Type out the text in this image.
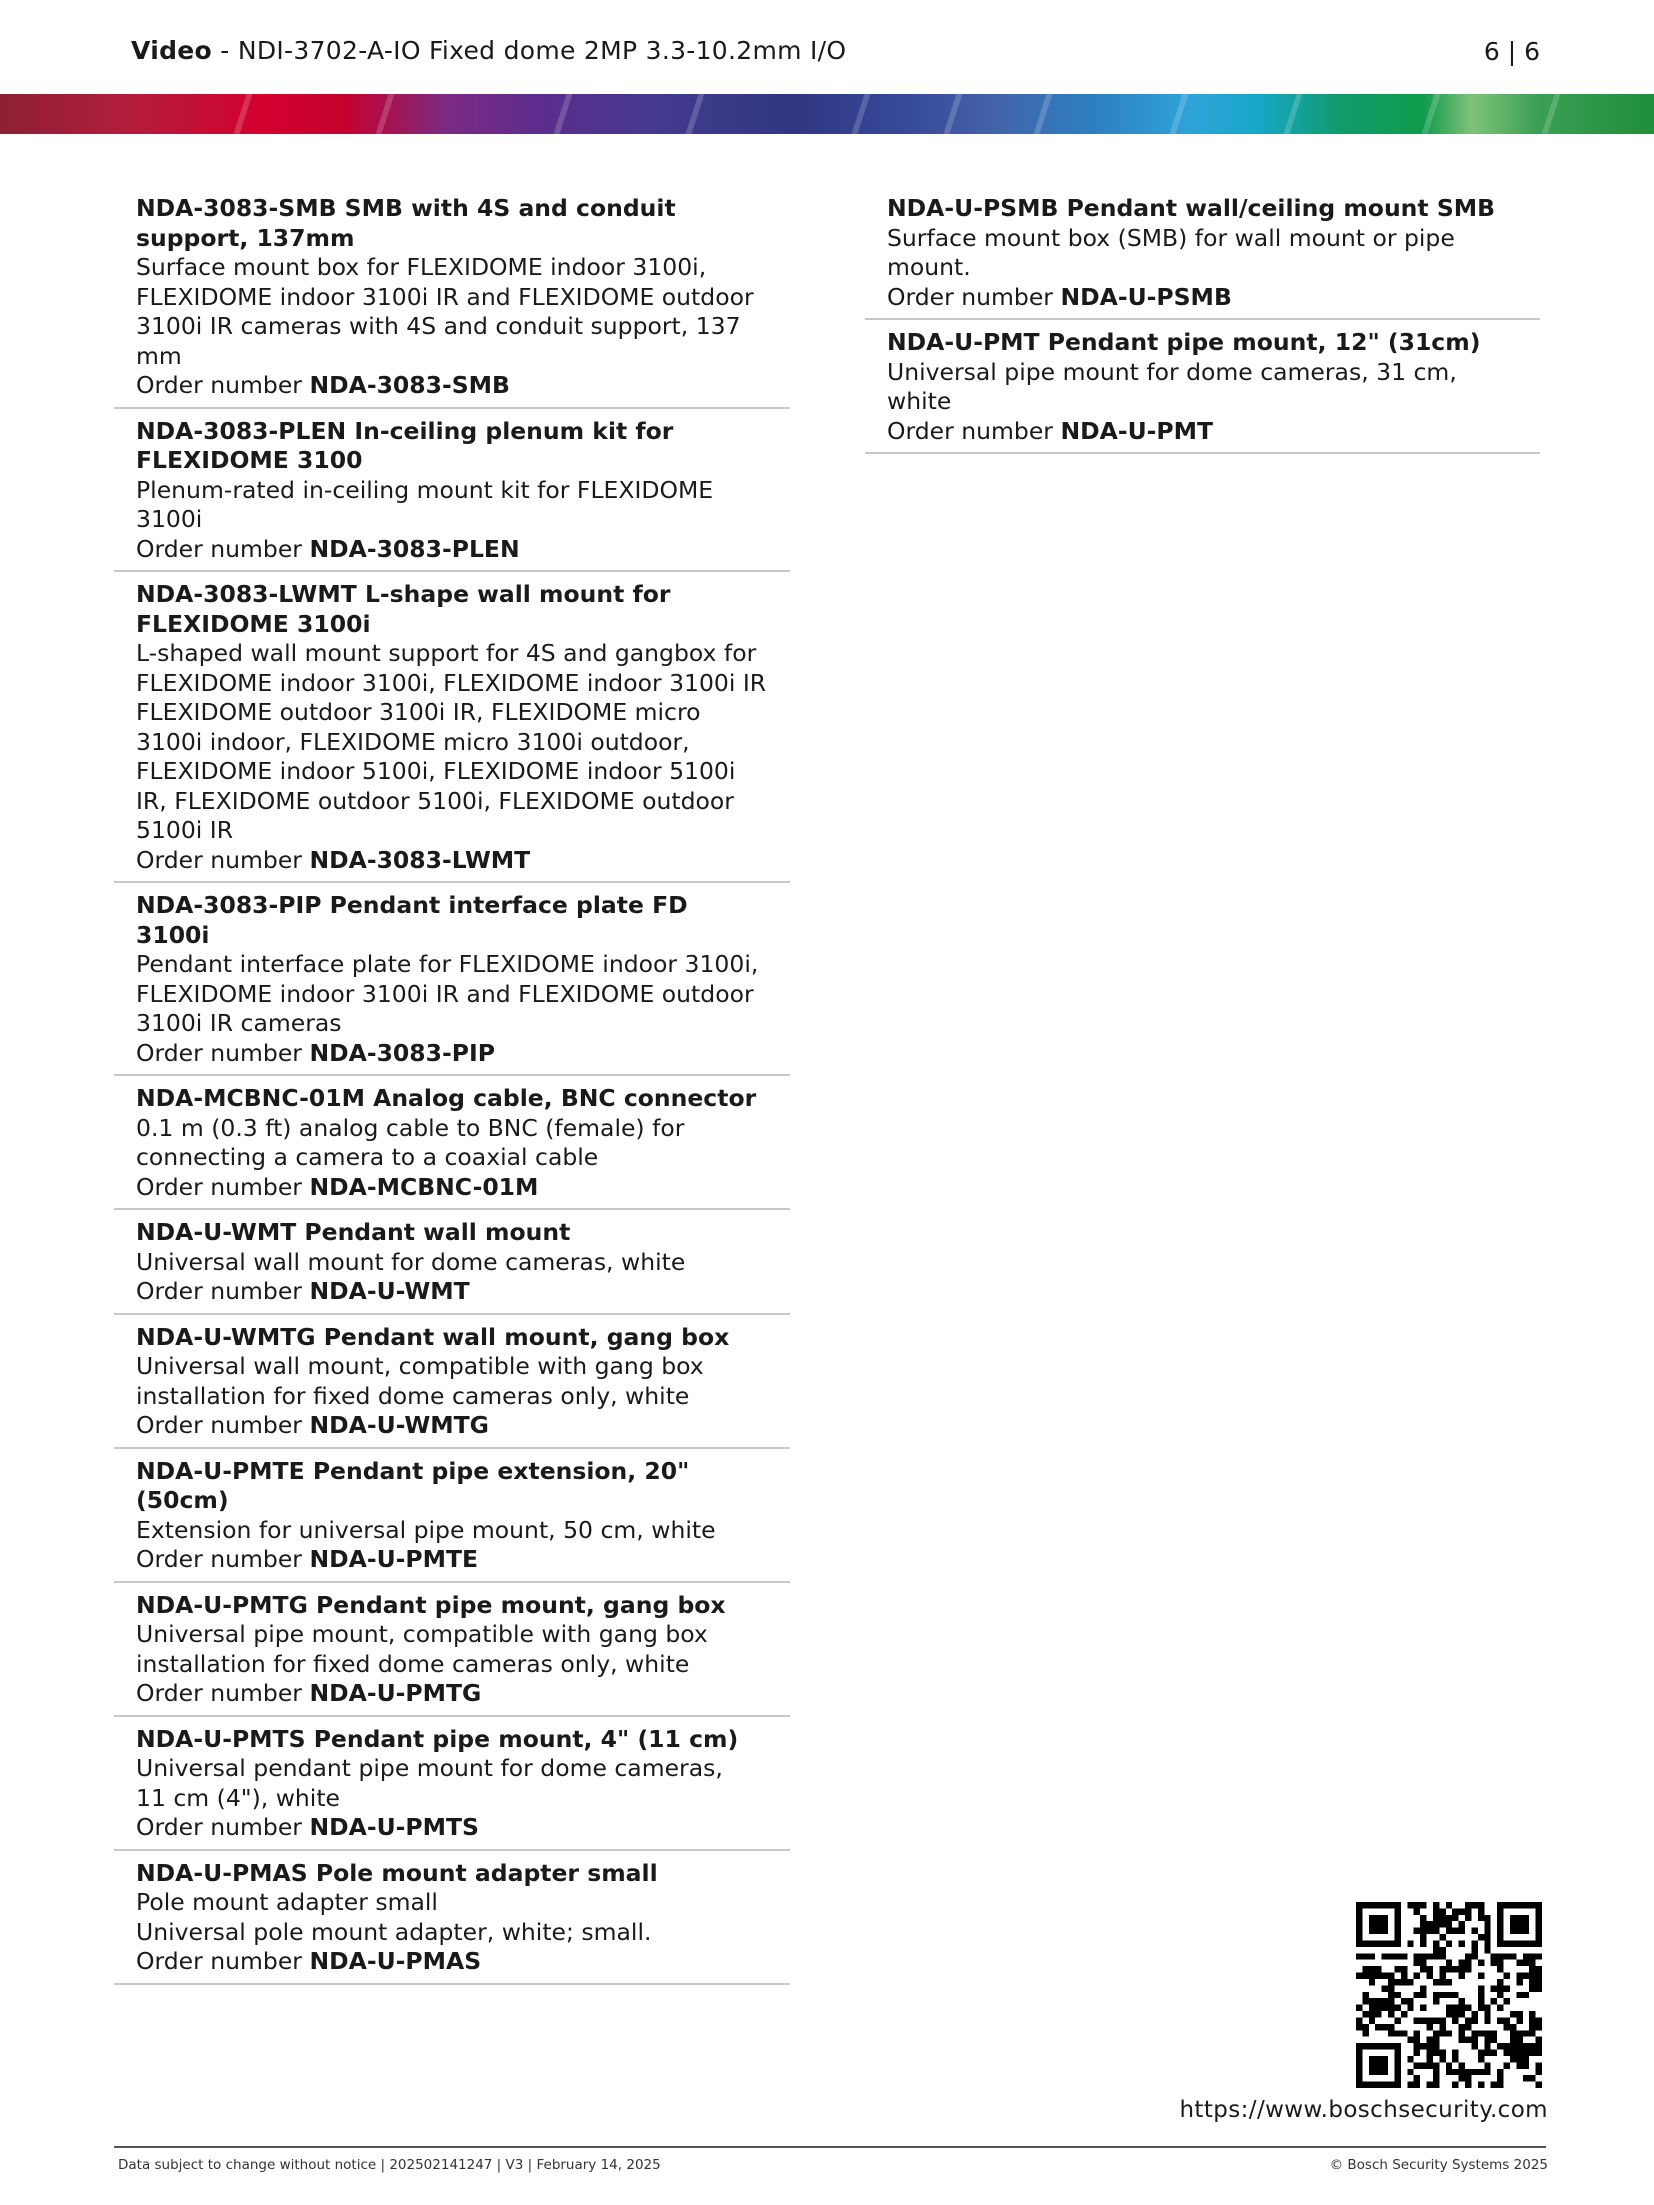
Video - NDI-3702-A-IO Fixed dome 2MP 3.3-10.2mm I/O	6 | 6
NDA-3083-SMB SMB with 4S and conduit support, 137mm
Surface mount box for FLEXIDOME indoor 3100i, FLEXIDOME indoor 3100i IR and FLEXIDOME outdoor 3100i IR cameras with 4S and conduit support, 137 mm
Order number NDA-3083-SMB
NDA-3083-PLEN In-ceiling plenum kit for FLEXIDOME 3100
Plenum-rated in-ceiling mount kit for FLEXIDOME 3100i
Order number NDA-3083-PLEN
NDA-3083-LWMT L-shape wall mount for FLEXIDOME 3100i
L-shaped wall mount support for 4S and gangbox for FLEXIDOME indoor 3100i, FLEXIDOME indoor 3100i IR FLEXIDOME outdoor 3100i IR, FLEXIDOME micro 3100i indoor, FLEXIDOME micro 3100i outdoor, FLEXIDOME indoor 5100i, FLEXIDOME indoor 5100i IR, FLEXIDOME outdoor 5100i, FLEXIDOME outdoor 5100i IR
Order number NDA-3083-LWMT
NDA-3083-PIP Pendant interface plate FD 3100i
Pendant interface plate for FLEXIDOME indoor 3100i, FLEXIDOME indoor 3100i IR and FLEXIDOME outdoor 3100i IR cameras
Order number NDA-3083-PIP
NDA-MCBNC-01M Analog cable, BNC connector
0.1 m (0.3 ft) analog cable to BNC (female) for connecting a camera to a coaxial cable
Order number NDA-MCBNC-01M
NDA-U-WMT Pendant wall mount
Universal wall mount for dome cameras, white
Order number NDA-U-WMT
NDA-U-WMTG Pendant wall mount, gang box
Universal wall mount, compatible with gang box installation for fixed dome cameras only, white
Order number NDA-U-WMTG
NDA-U-PMTE Pendant pipe extension, 20" (50cm)
Extension for universal pipe mount, 50 cm, white
Order number NDA-U-PMTE
NDA-U-PMTG Pendant pipe mount, gang box
Universal pipe mount, compatible with gang box installation for fixed dome cameras only, white
Order number NDA-U-PMTG
NDA-U-PMTS Pendant pipe mount, 4" (11 cm)
Universal pendant pipe mount for dome cameras,
11 cm (4"), white
Order number NDA-U-PMTS
NDA-U-PMAS Pole mount adapter small
Pole mount adapter small
Universal pole mount adapter, white; small.
Order number NDA-U-PMAS
NDA-U-PSMB Pendant wall/ceiling mount SMB
Surface mount box (SMB) for wall mount or pipe mount.
Order number NDA-U-PSMB
NDA-U-PMT Pendant pipe mount, 12" (31cm)
Universal pipe mount for dome cameras, 31 cm, white
Order number NDA-U-PMT
https://www.boschsecurity.com
Data subject to change without notice | 202502141247 | V3 | February 14, 2025	© Bosch Security Systems 2025
